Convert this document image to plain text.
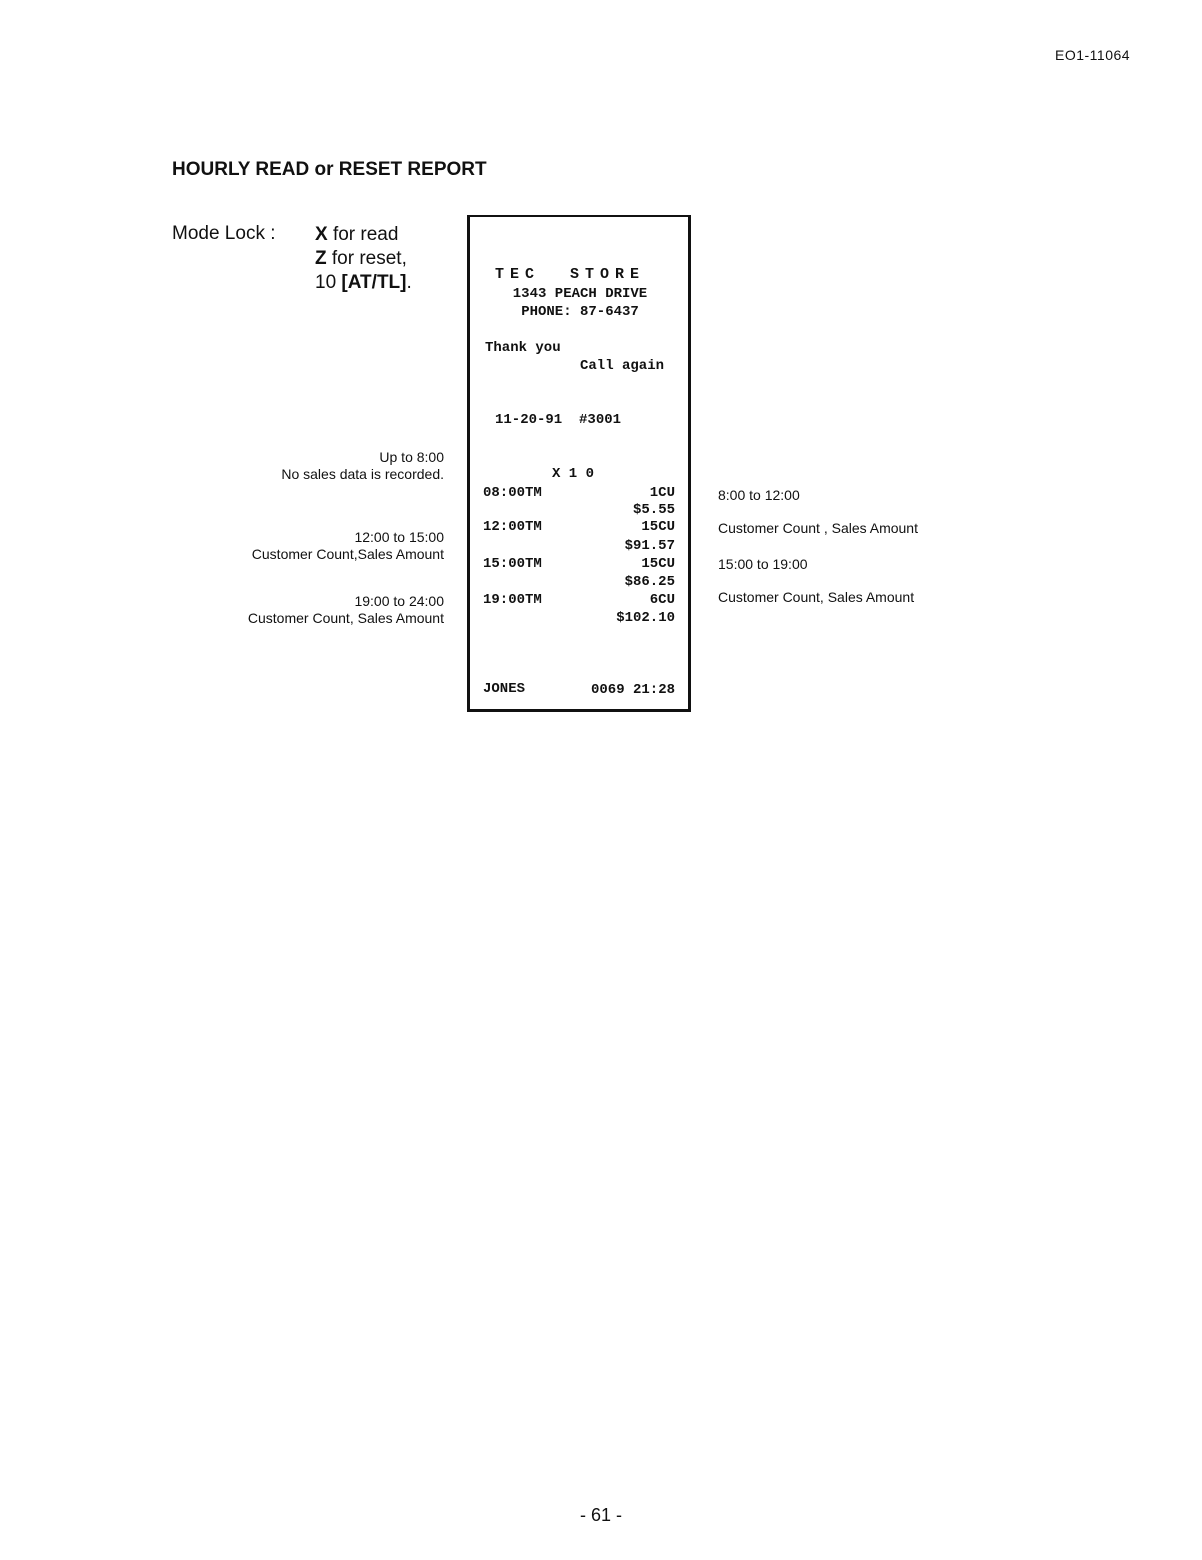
EO1-11064
HOURLY READ or RESET REPORT
Mode Lock : X for read
Z for reset,
10 [AT/TL].
Up to 8:00
No sales data is recorded.
12:00 to 15:00
Customer Count,Sales Amount
19:00 to 24:00
Customer Count, Sales Amount
8:00 to 12:00
Customer Count , Sales Amount
15:00 to 19:00
Customer Count, Sales Amount
TEC  STORE
1343 PEACH DRIVE
PHONE: 87-6437
Thank you
Call again
11-20-91  #3001
X 1 0
08:00TM	1CU
$5.55
12:00TM	15CU
$91.57
15:00TM	15CU
$86.25
19:00TM	6CU
$102.10
JONES	0069 21:28
- 61 -
